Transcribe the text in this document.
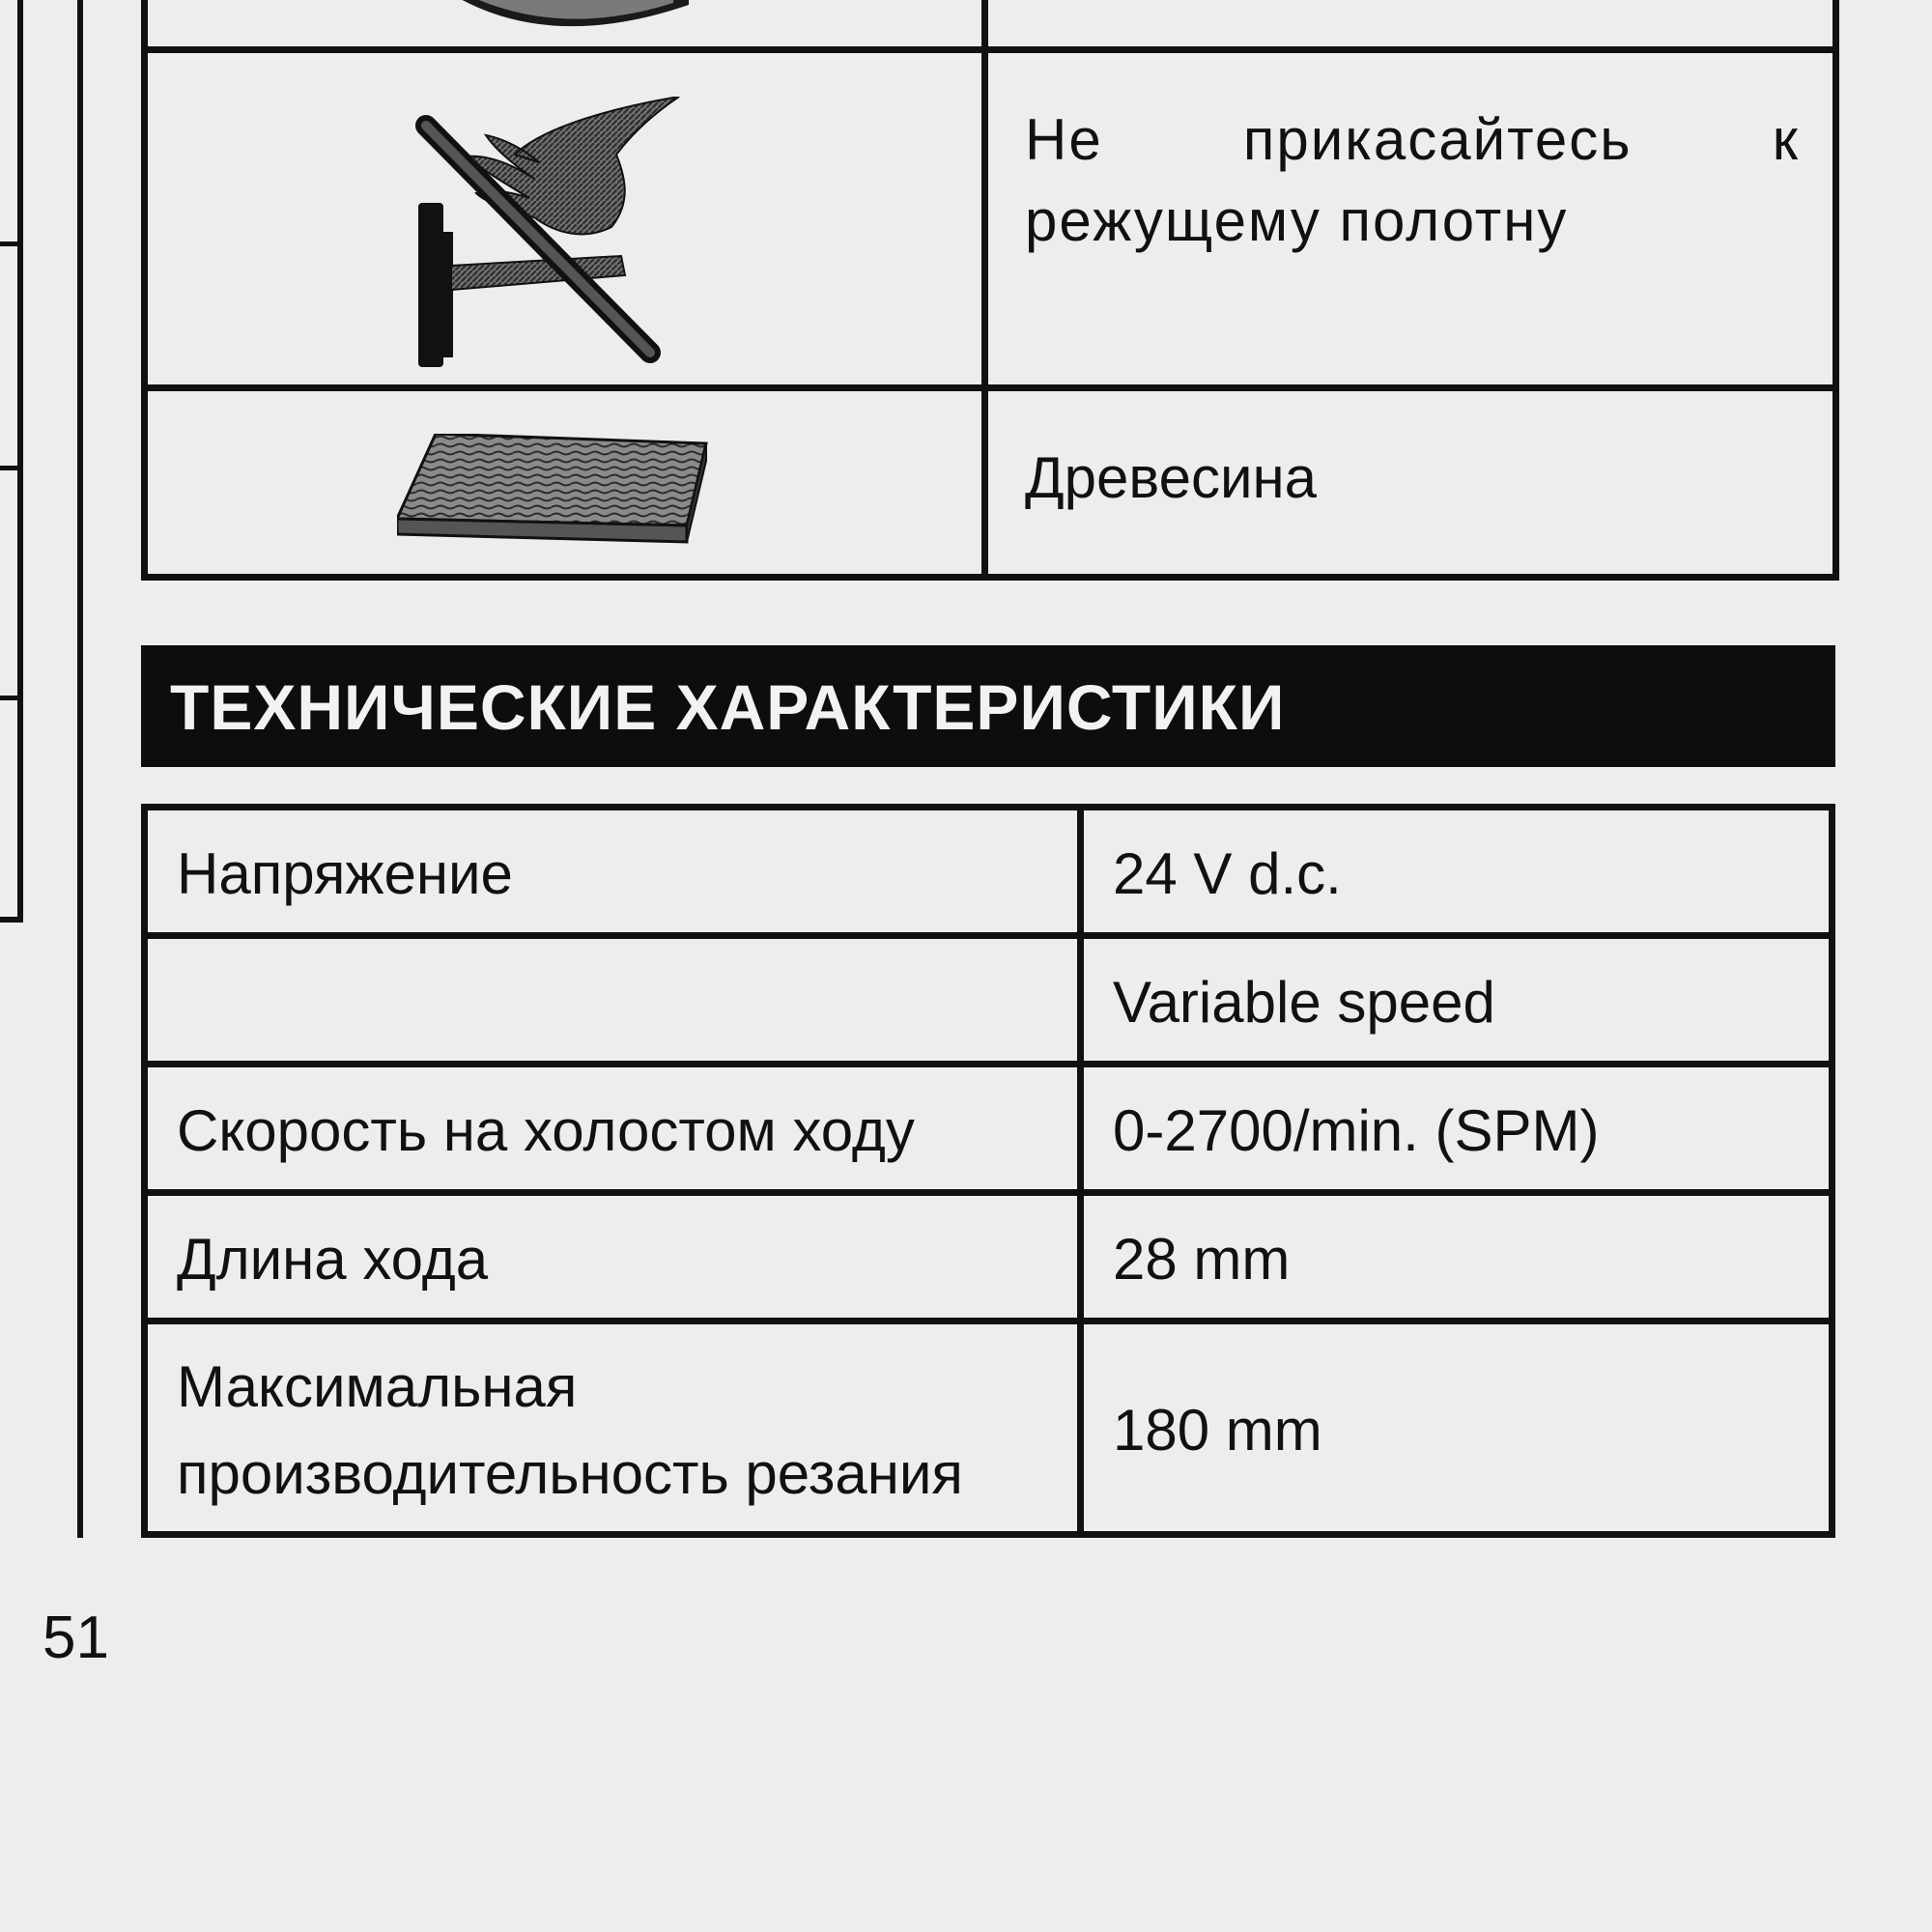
	Не прикасайтесь к режущему полотну

	Древесина
ТЕХНИЧЕСКИЕ ХАРАКТЕРИСТИКИ
Напряжение	24 V d.c.
	Variable speed
Скорость на холостом ходу	0-2700/min. (SPM)
Длина хода	28 mm
Максимальная производительность резания	180 mm
51
